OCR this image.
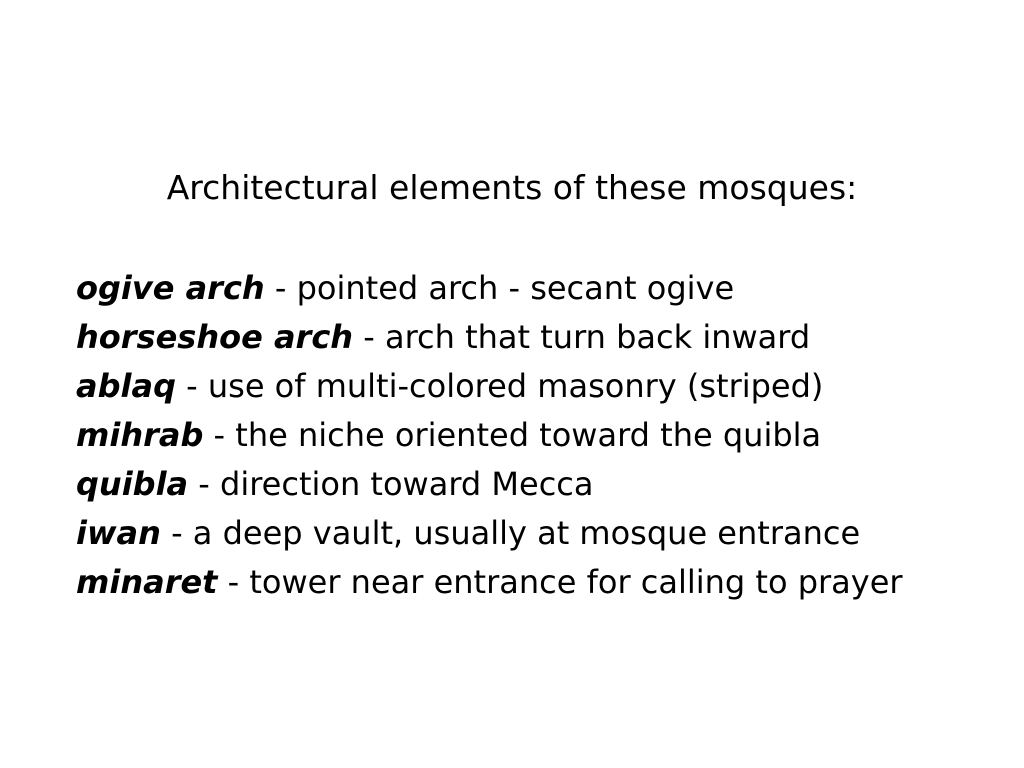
Architectural elements of these mosques:
ogive arch - pointed arch - secant ogive
horseshoe arch - arch that turn back inward
ablaq - use of multi-colored masonry (striped)
mihrab - the niche oriented toward the quibla
quibla - direction toward Mecca
iwan - a deep vault, usually at mosque entrance
minaret - tower near entrance for calling to prayer
